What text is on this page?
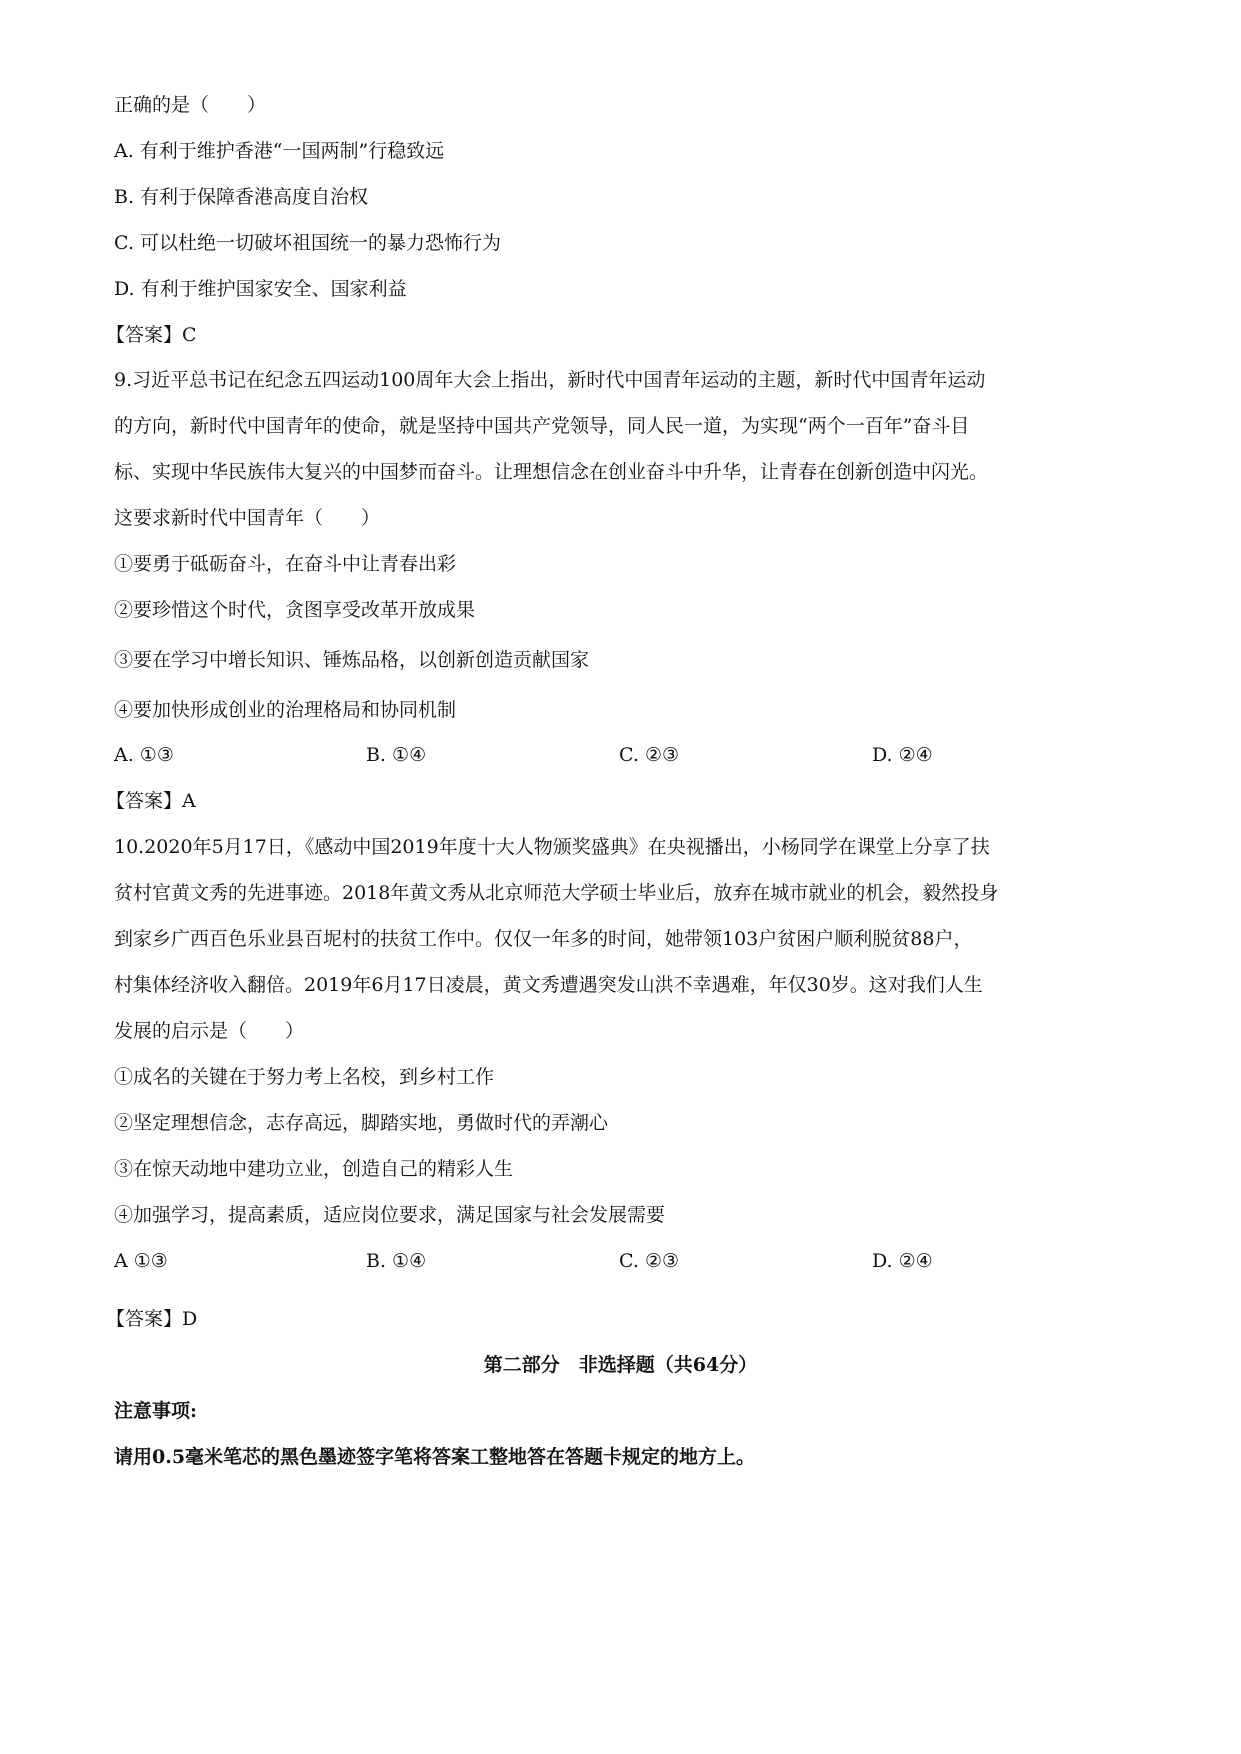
正确的是（　　）
A. 有利于维护香港“一国两制”行稳致远
B. 有利于保障香港高度自治权
C. 可以杜绝一切破坏祖国统一的暴力恐怖行为
D. 有利于维护国家安全、国家利益
【答案】C
9.习近平总书记在纪念五四运动100周年大会上指出，新时代中国青年运动的主题，新时代中国青年运动
的方向，新时代中国青年的使命，就是坚持中国共产党领导，同人民一道，为实现“两个一百年”奋斗目
标、实现中华民族伟大复兴的中国梦而奋斗。让理想信念在创业奋斗中升华，让青春在创新创造中闪光。
这要求新时代中国青年（　　）
①要勇于砥砺奋斗，在奋斗中让青春出彩
②要珍惜这个时代，贪图享受改革开放成果
③要在学习中增长知识、锤炼品格，以创新创造贡献国家
④要加快形成创业的治理格局和协同机制
A. ①③	B. ①④	C. ②③	D. ②④
【答案】A
10.2020年5月17日，《感动中国2019年度十大人物颁奖盛典》在央视播出，小杨同学在课堂上分享了扶
贫村官黄文秀的先进事迹。2018年黄文秀从北京师范大学硕士毕业后，放弃在城市就业的机会，毅然投身
到家乡广西百色乐业县百坭村的扶贫工作中。仅仅一年多的时间，她带领103户贫困户顺利脱贫88户，
村集体经济收入翻倍。2019年6月17日凌晨，黄文秀遭遇突发山洪不幸遇难，年仅30岁。这对我们人生
发展的启示是（　　）
①成名的关键在于努力考上名校，到乡村工作
②坚定理想信念，志存高远，脚踏实地，勇做时代的弄潮心
③在惊天动地中建功立业，创造自己的精彩人生
④加强学习，提高素质，适应岗位要求，满足国家与社会发展需要
A ①③	B. ①④	C. ②③	D. ②④
【答案】D
第二部分　非选择题（共64分）
注意事项:
请用0.5毫米笔芯的黑色墨迹签字笔将答案工整地答在答题卡规定的地方上。
